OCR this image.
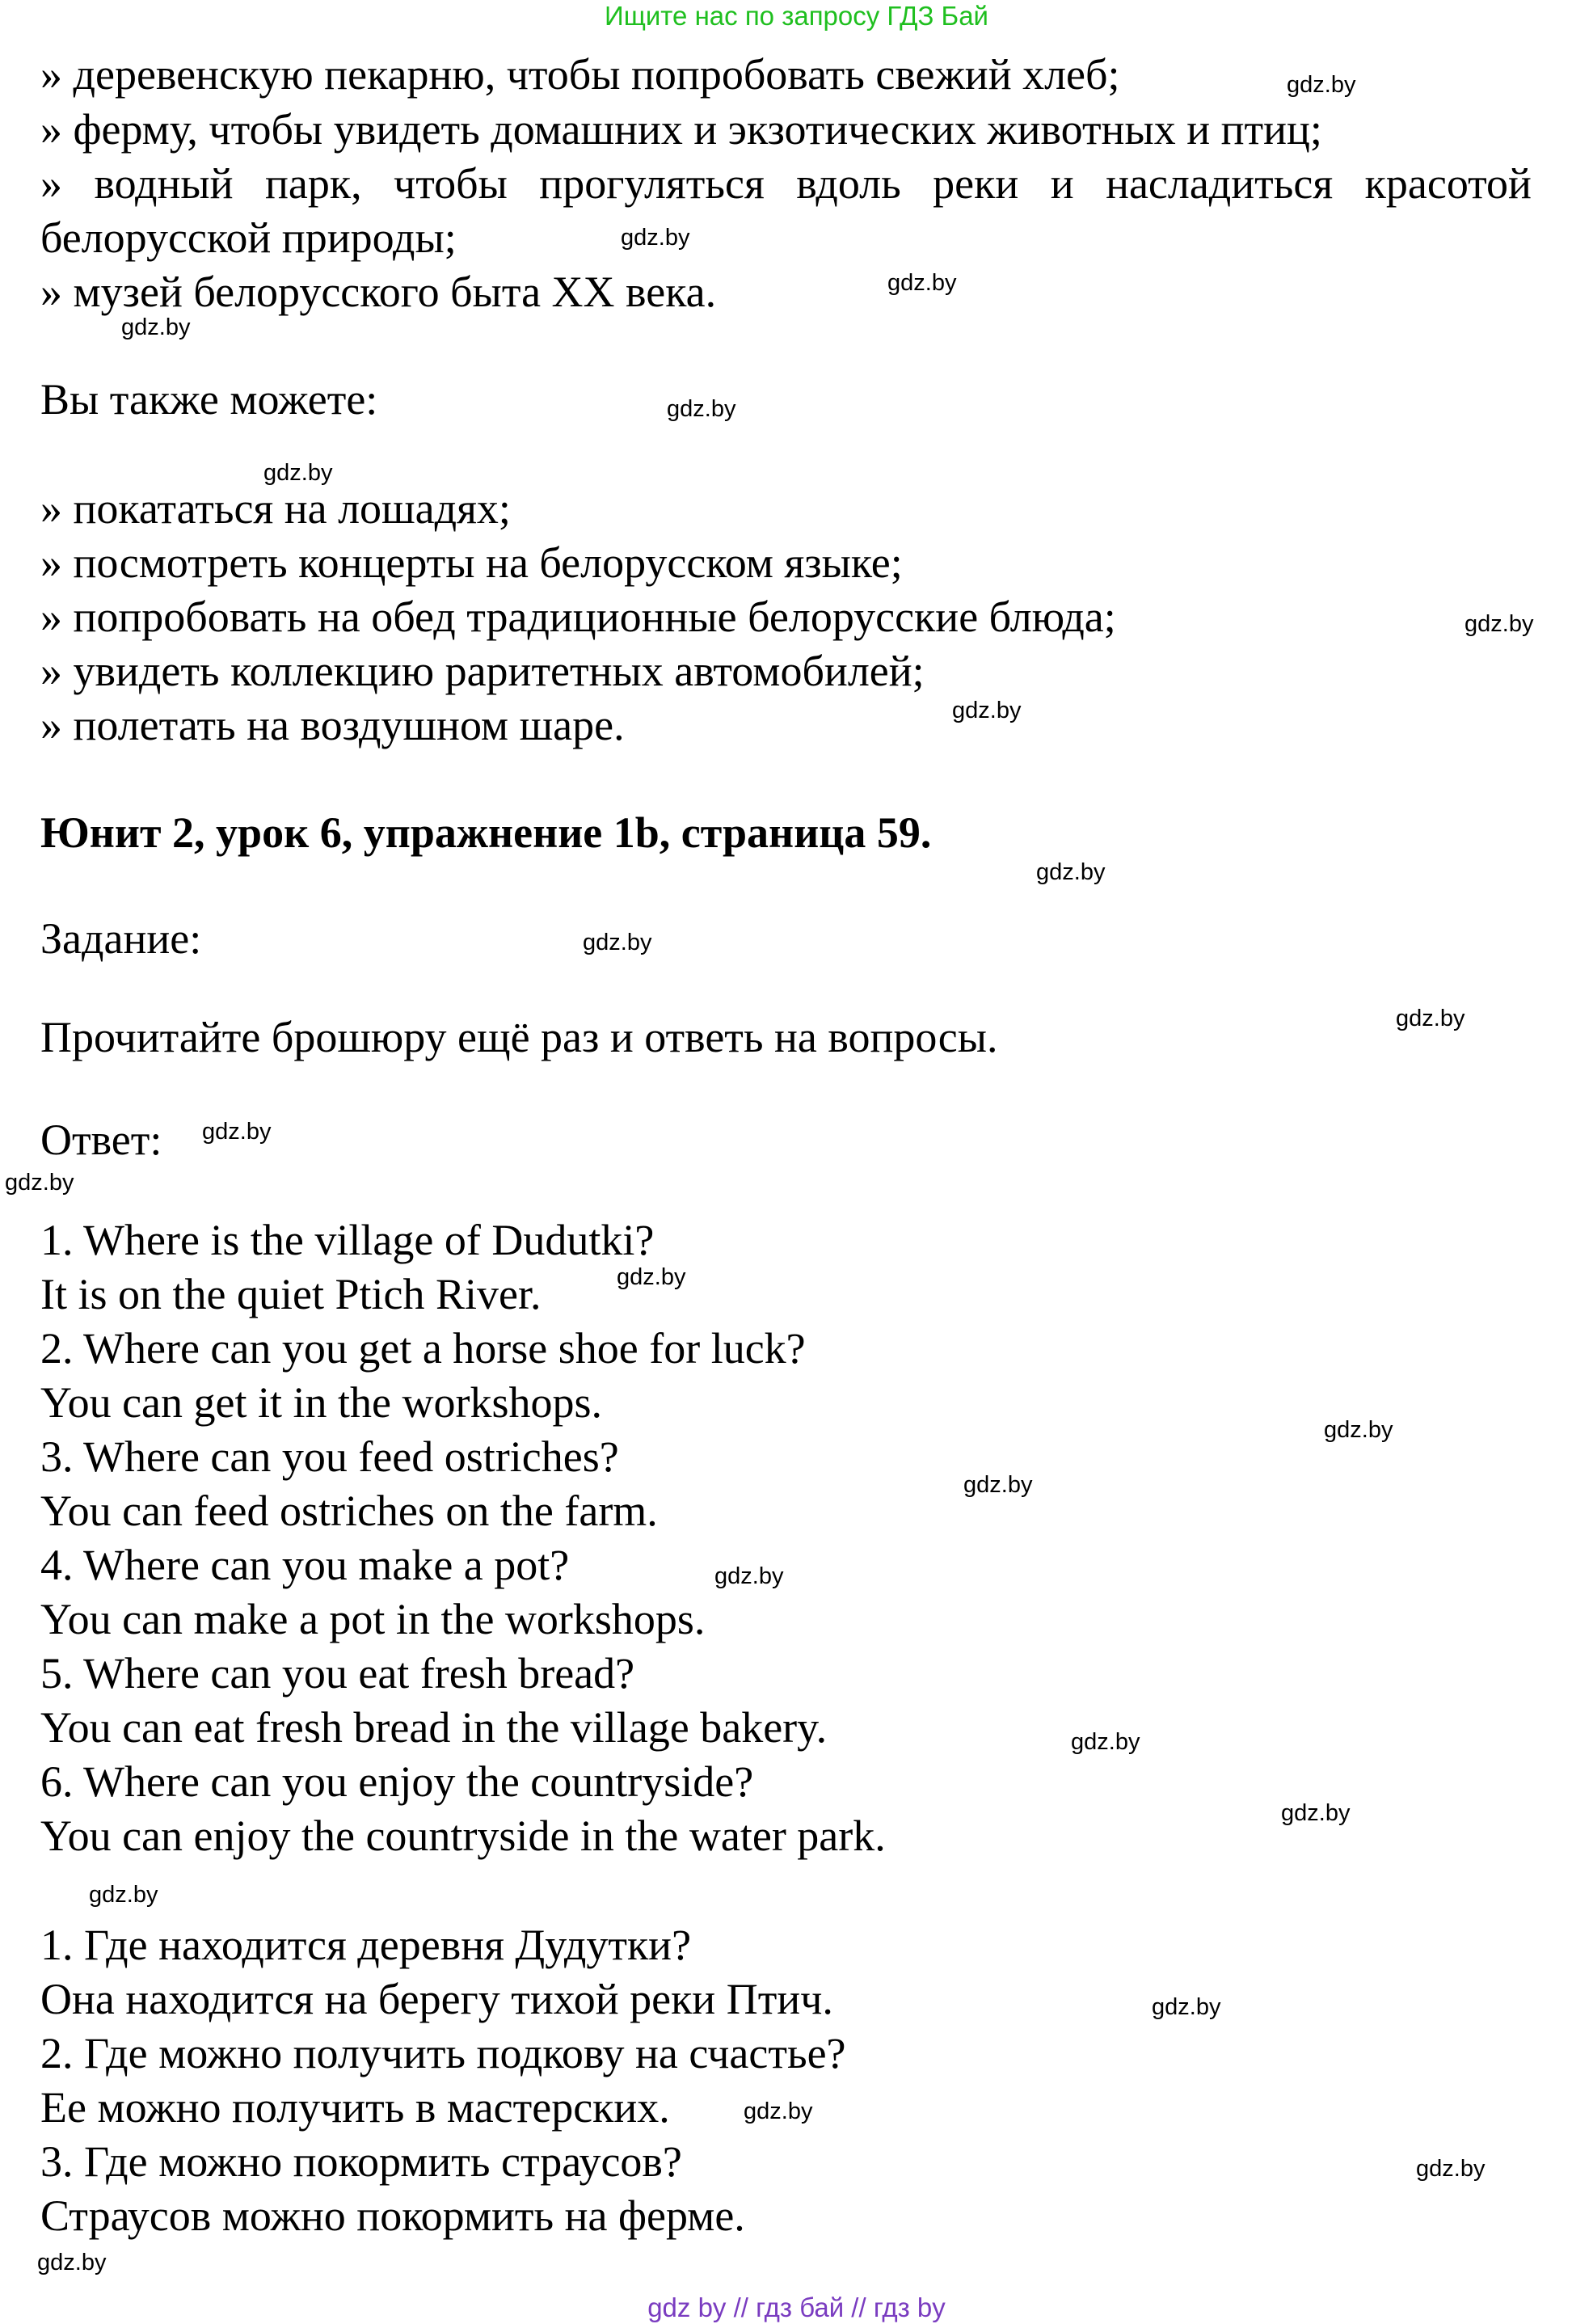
Ищите нас по запросу ГДЗ Бай
» деревенскую пекарню, чтобы попробовать свежий хлеб;
» ферму, чтобы увидеть домашних и экзотических животных и птиц;
» водный парк, чтобы прогуляться вдоль реки и насладиться красотой
белорусской природы;
» музей белорусского быта XX века.
Вы также можете:
» покататься на лошадях;
» посмотреть концерты на белорусском языке;
» попробовать на обед традиционные белорусские блюда;
» увидеть коллекцию раритетных автомобилей;
» полетать на воздушном шаре.
Юнит 2, урок 6, упражнение 1b, страница 59.
Задание:
Прочитайте брошюру ещё раз и ответь на вопросы.
Ответ:
1. Where is the village of Dudutki?
It is on the quiet Ptich River.
2. Where can you get a horse shoe for luck?
You can get it in the workshops.
3. Where can you feed ostriches?
You can feed ostriches on the farm.
4. Where can you make a pot?
You can make a pot in the workshops.
5. Where can you eat fresh bread?
You can eat fresh bread in the village bakery.
6. Where can you enjoy the countryside?
You can enjoy the countryside in the water park.
1. Где находится деревня Дудутки?
Она находится на берегу тихой реки Птич.
2. Где можно получить подкову на счастье?
Ее можно получить в мастерских.
3. Где можно покормить страусов?
Страусов можно покормить на ферме.
gdz.by
gdz.by
gdz.by
gdz.by
gdz.by
gdz.by
gdz.by
gdz.by
gdz.by
gdz.by
gdz.by
gdz.by
gdz.by
gdz.by
gdz.by
gdz.by
gdz.by
gdz.by
gdz.by
gdz.by
gdz.by
gdz.by
gdz.by
gdz.by
gdz by // гдз бай // гдз by
